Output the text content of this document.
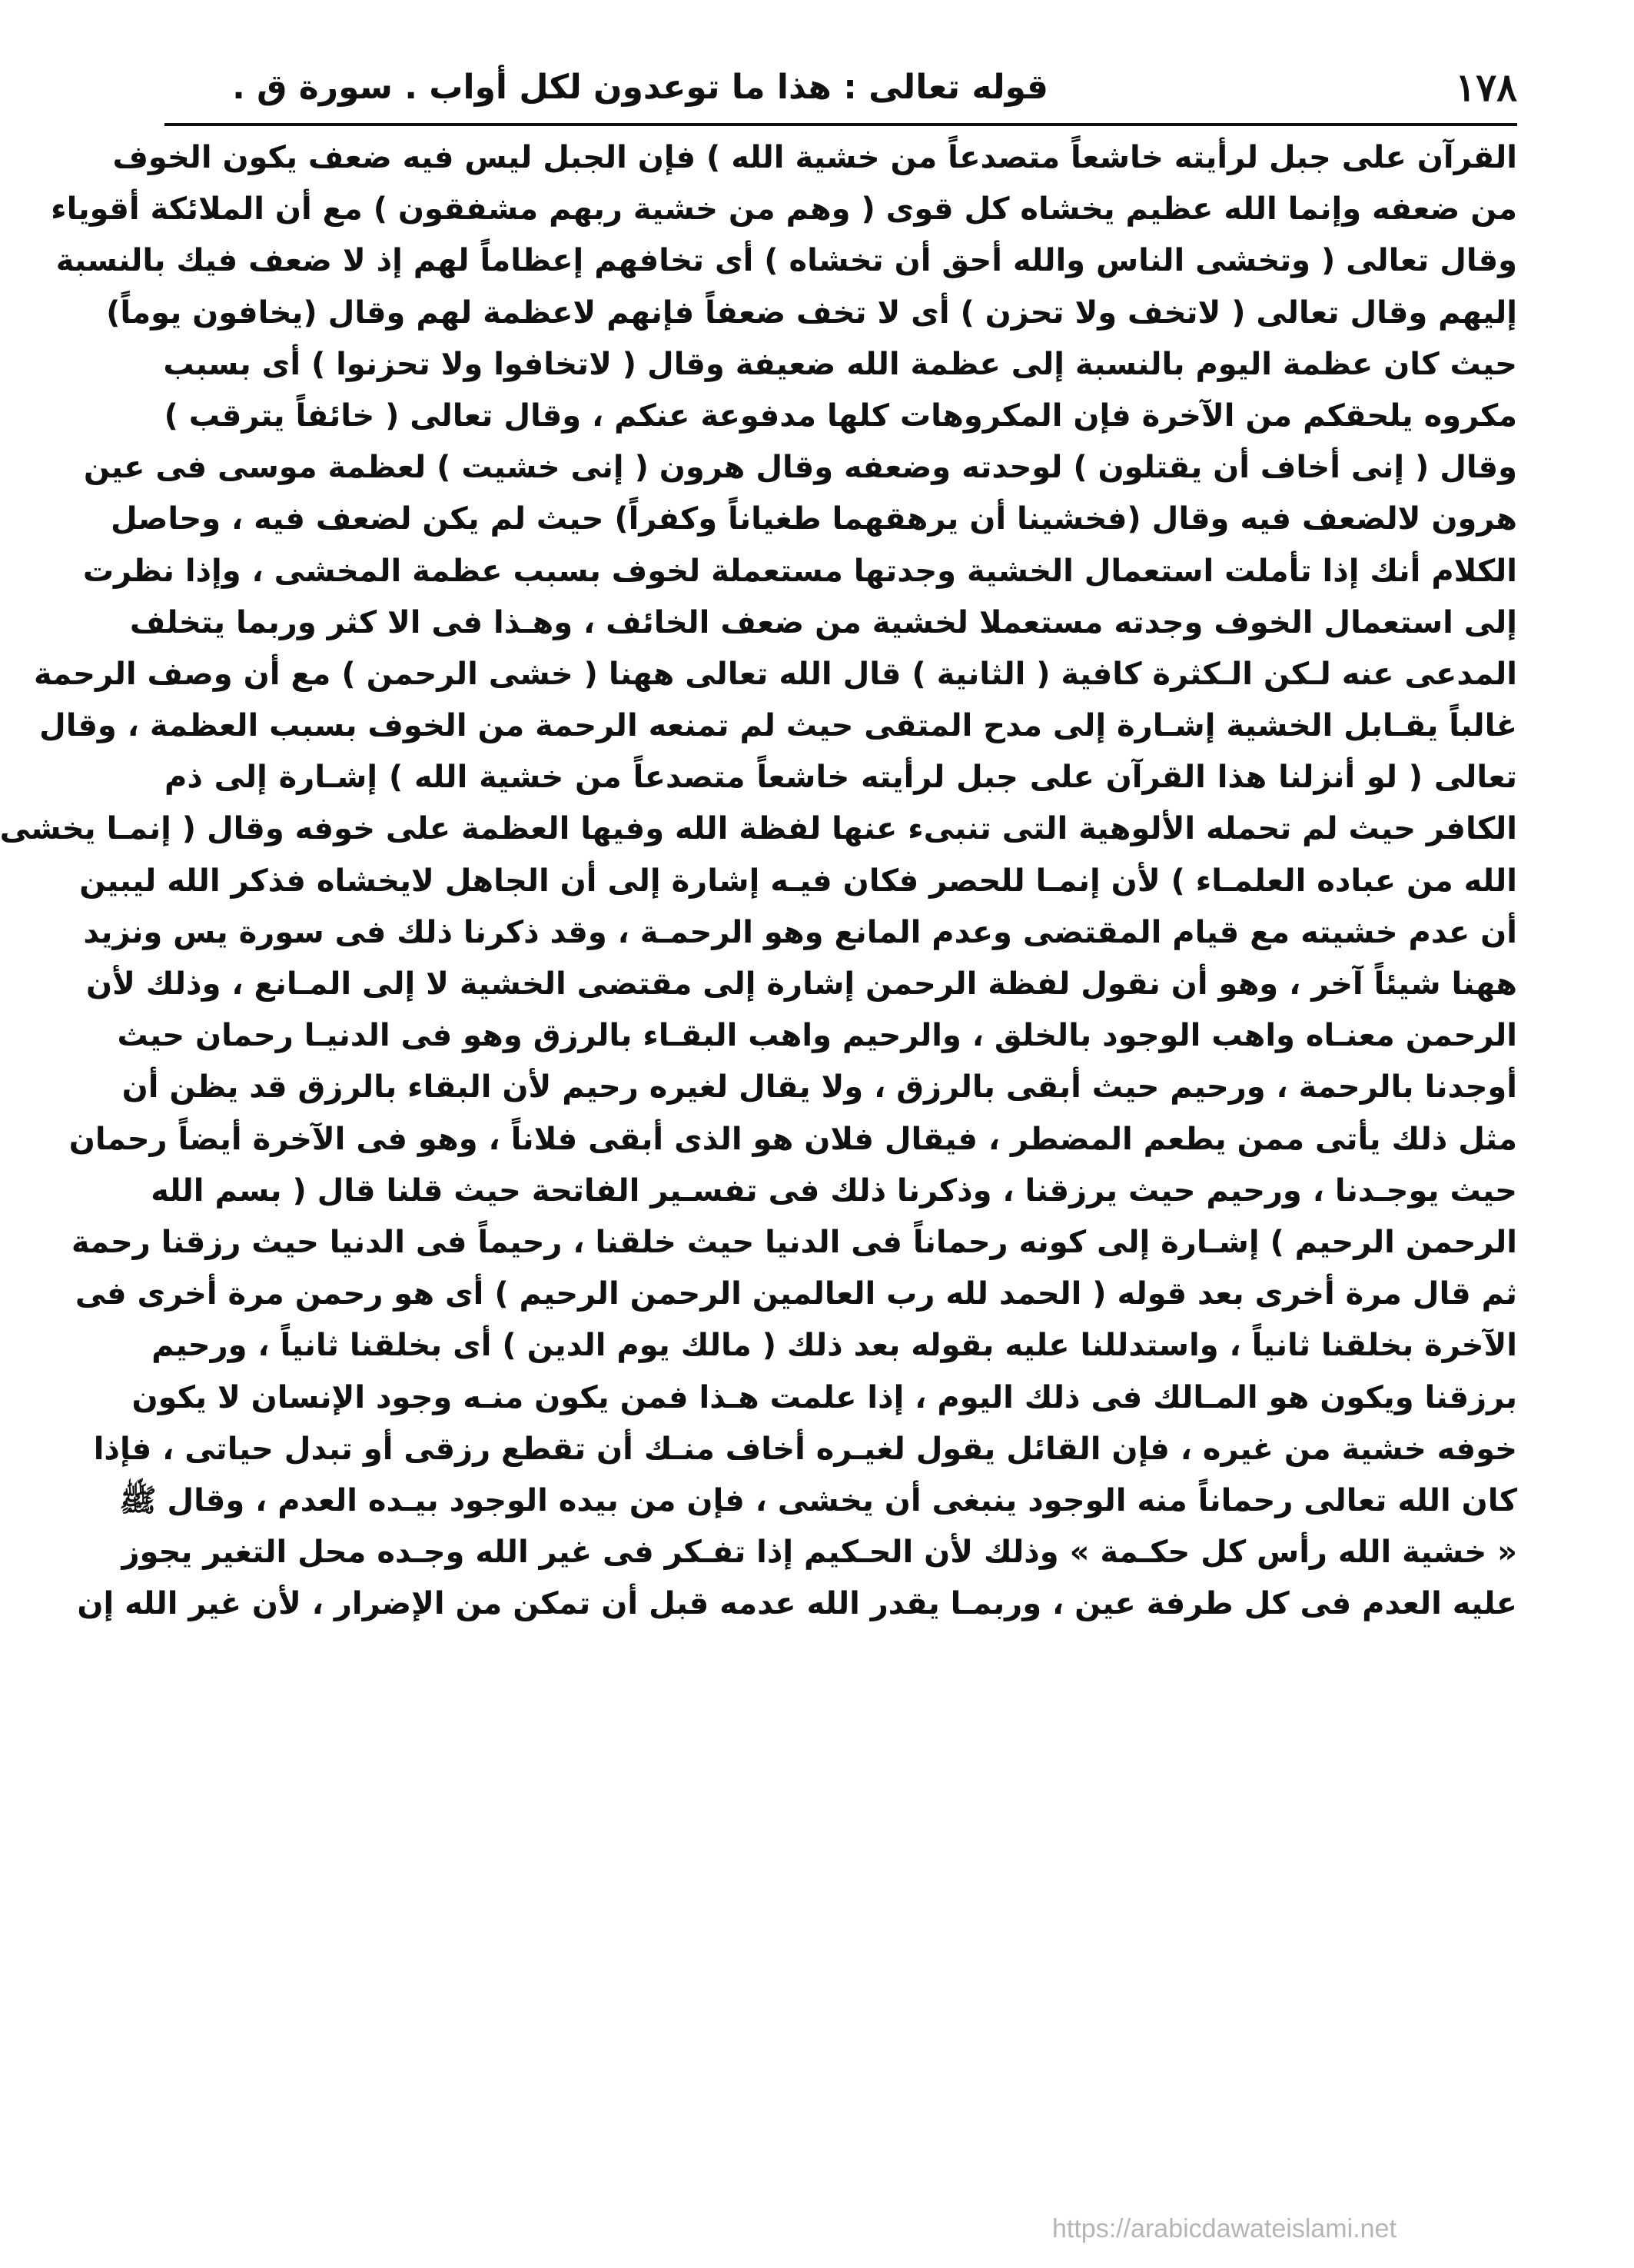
١٧٨
قوله تعالى : هذا ما توعدون لكل أواب . سورة ق .
القرآن على جبل لرأيته خاشعاً متصدعاً من خشية الله ) فإن الجبل ليس فيه ضعف يكون الخوف
من ضعفه وإنما الله عظيم يخشاه كل قوى ( وهم من خشية ربهم مشفقون ) مع أن الملائكة أقوياء
وقال تعالى ( وتخشى الناس والله أحق أن تخشاه ) أى تخافهم إعظاماً لهم إذ لا ضعف فيك بالنسبة
إليهم وقال تعالى ( لاتخف ولا تحزن ) أى لا تخف ضعفاً فإنهم لاعظمة لهم وقال (يخافون يوماً)
حيث كان عظمة اليوم بالنسبة إلى عظمة الله ضعيفة وقال ( لاتخافوا ولا تحزنوا ) أى بسبب
مكروه يلحقكم من الآخرة فإن المكروهات كلها مدفوعة عنكم ، وقال تعالى ( خائفاً يترقب )
وقال ( إنى أخاف أن يقتلون ) لوحدته وضعفه وقال هرون ( إنى خشيت ) لعظمة موسى فى عين
هرون لالضعف فيه وقال (فخشينا أن يرهقهما طغياناً وكفراً) حيث لم يكن لضعف فيه ، وحاصل
الكلام أنك إذا تأملت استعمال الخشية وجدتها مستعملة لخوف بسبب عظمة المخشى ، وإذا نظرت
إلى استعمال الخوف وجدته مستعملا لخشية من ضعف الخائف ، وهـذا فى الا كثر وربما يتخلف
المدعى عنه لـكن الـكثرة كافية ( الثانية ) قال الله تعالى ههنا ( خشى الرحمن ) مع أن وصف الرحمة
غالباً يقـابل الخشية إشـارة إلى مدح المتقى حيث لم تمنعه الرحمة من الخوف بسبب العظمة ، وقال
تعالى ( لو أنزلنا هذا القرآن على جبل لرأيته خاشعاً متصدعاً من خشية الله ) إشـارة إلى ذم
الكافر حيث لم تحمله الألوهية التى تنبىء عنها لفظة الله وفيها العظمة على خوفه وقال ( إنمـا يخشى
الله من عباده العلمـاء ) لأن إنمـا للحصر فكان فيـه إشارة إلى أن الجاهل لايخشاه فذكر الله ليبين
أن عدم خشيته مع قيام المقتضى وعدم المانع وهو الرحمـة ، وقد ذكرنا ذلك فى سورة يس ونزيد
ههنا شيئاً آخر ، وهو أن نقول لفظة الرحمن إشارة إلى مقتضى الخشية لا إلى المـانع ، وذلك لأن
الرحمن معنـاه واهب الوجود بالخلق ، والرحيم واهب البقـاء بالرزق وهو فى الدنيـا رحمان حيث
أوجدنا بالرحمة ، ورحيم حيث أبقى بالرزق ، ولا يقال لغيره رحيم لأن البقاء بالرزق قد يظن أن
مثل ذلك يأتى ممن يطعم المضطر ، فيقال فلان هو الذى أبقى فلاناً ، وهو فى الآخرة أيضاً رحمان
حيث يوجـدنا ، ورحيم حيث يرزقنا ، وذكرنا ذلك فى تفسـير الفاتحة حيث قلنا قال ( بسم الله
الرحمن الرحيم ) إشـارة إلى كونه رحماناً فى الدنيا حيث خلقنا ، رحيماً فى الدنيا حيث رزقنا رحمة
ثم قال مرة أخرى بعد قوله ( الحمد لله رب العالمين الرحمن الرحيم ) أى هو رحمن مرة أخرى فى
الآخرة بخلقنا ثانياً ، واستدللنا عليه بقوله بعد ذلك ( مالك يوم الدين ) أى بخلقنا ثانياً ، ورحيم
برزقنا ويكون هو المـالك فى ذلك اليوم ، إذا علمت هـذا فمن يكون منـه وجود الإنسان لا يكون
خوفه خشية من غيره ، فإن القائل يقول لغيـره أخاف منـك أن تقطع رزقى أو تبدل حياتى ، فإذا
كان الله تعالى رحماناً منه الوجود ينبغى أن يخشى ، فإن من بيده الوجود بيـده العدم ، وقال ﷺ
« خشية الله رأس كل حكـمة » وذلك لأن الحـكيم إذا تفـكر فى غير الله وجـده محل التغير يجوز
عليه العدم فى كل طرفة عين ، وربمـا يقدر الله عدمه قبل أن تمكن من الإضرار ، لأن غير الله إن
https://arabicdawateislami.net
